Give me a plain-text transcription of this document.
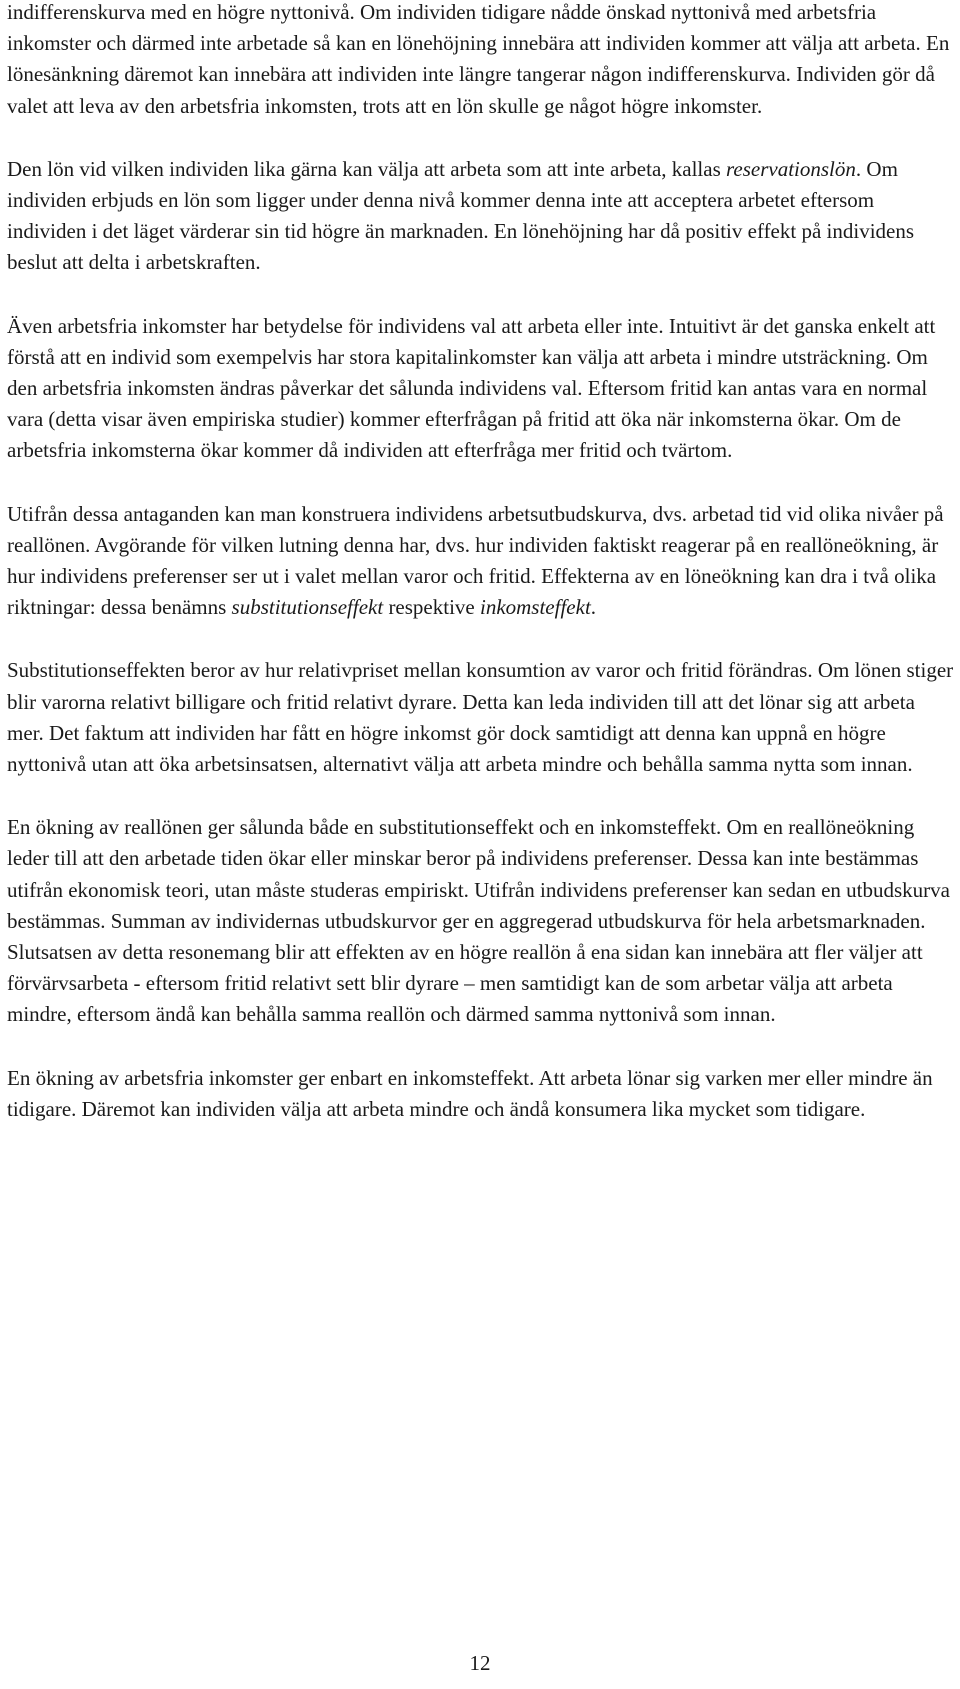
indifferenskurva med en högre nyttonivå. Om individen tidigare nådde önskad nyttonivå med arbetsfria inkomster och därmed inte arbetade så kan en lönehöjning innebära att individen kommer att välja att arbeta. En lönesänkning däremot kan innebära att individen inte längre tangerar någon indifferenskurva. Individen gör då valet att leva av den arbetsfria inkomsten, trots att en lön skulle ge något högre inkomster.

Den lön vid vilken individen lika gärna kan välja att arbeta som att inte arbeta, kallas reservationslön. Om individen erbjuds en lön som ligger under denna nivå kommer denna inte att acceptera arbetet eftersom individen i det läget värderar sin tid högre än marknaden. En lönehöjning har då positiv effekt på individens beslut att delta i arbetskraften.

Även arbetsfria inkomster har betydelse för individens val att arbeta eller inte. Intuitivt är det ganska enkelt att förstå att en individ som exempelvis har stora kapitalinkomster kan välja att arbeta i mindre utsträckning. Om den arbetsfria inkomsten ändras påverkar det sålunda individens val. Eftersom fritid kan antas vara en normal vara (detta visar även empiriska studier) kommer efterfrågan på fritid att öka när inkomsterna ökar. Om de arbetsfria inkomsterna ökar kommer då individen att efterfråga mer fritid och tvärtom.

Utifrån dessa antaganden kan man konstruera individens arbetsutbudskurva, dvs. arbetad tid vid olika nivåer på reallönen. Avgörande för vilken lutning denna har, dvs. hur individen faktiskt reagerar på en reallöneökning, är hur individens preferenser ser ut i valet mellan varor och fritid. Effekterna av en löneökning kan dra i två olika riktningar: dessa benämns substitutionseffekt respektive inkomsteffekt.

Substitutionseffekten beror av hur relativpriset mellan konsumtion av varor och fritid förändras. Om lönen stiger blir varorna relativt billigare och fritid relativt dyrare. Detta kan leda individen till att det lönar sig att arbeta mer. Det faktum att individen har fått en högre inkomst gör dock samtidigt att denna kan uppnå en högre nyttonivå utan att öka arbetsinsatsen, alternativt välja att arbeta mindre och behålla samma nytta som innan.

En ökning av reallönen ger sålunda både en substitutionseffekt och en inkomsteffekt. Om en reallöneökning leder till att den arbetade tiden ökar eller minskar beror på individens preferenser. Dessa kan inte bestämmas utifrån ekonomisk teori, utan måste studeras empiriskt. Utifrån individens preferenser kan sedan en utbudskurva bestämmas. Summan av individernas utbudskurvor ger en aggregerad utbudskurva för hela arbetsmarknaden. Slutsatsen av detta resonemang blir att effekten av en högre reallön å ena sidan kan innebära att fler väljer att förvärvsarbeta - eftersom fritid relativt sett blir dyrare – men samtidigt kan de som arbetar välja att arbeta mindre, eftersom ändå kan behålla samma reallön och därmed samma nyttonivå som innan.

En ökning av arbetsfria inkomster ger enbart en inkomsteffekt. Att arbeta lönar sig varken mer eller mindre än tidigare. Däremot kan individen välja att arbeta mindre och ändå konsumera lika mycket som tidigare.

12
